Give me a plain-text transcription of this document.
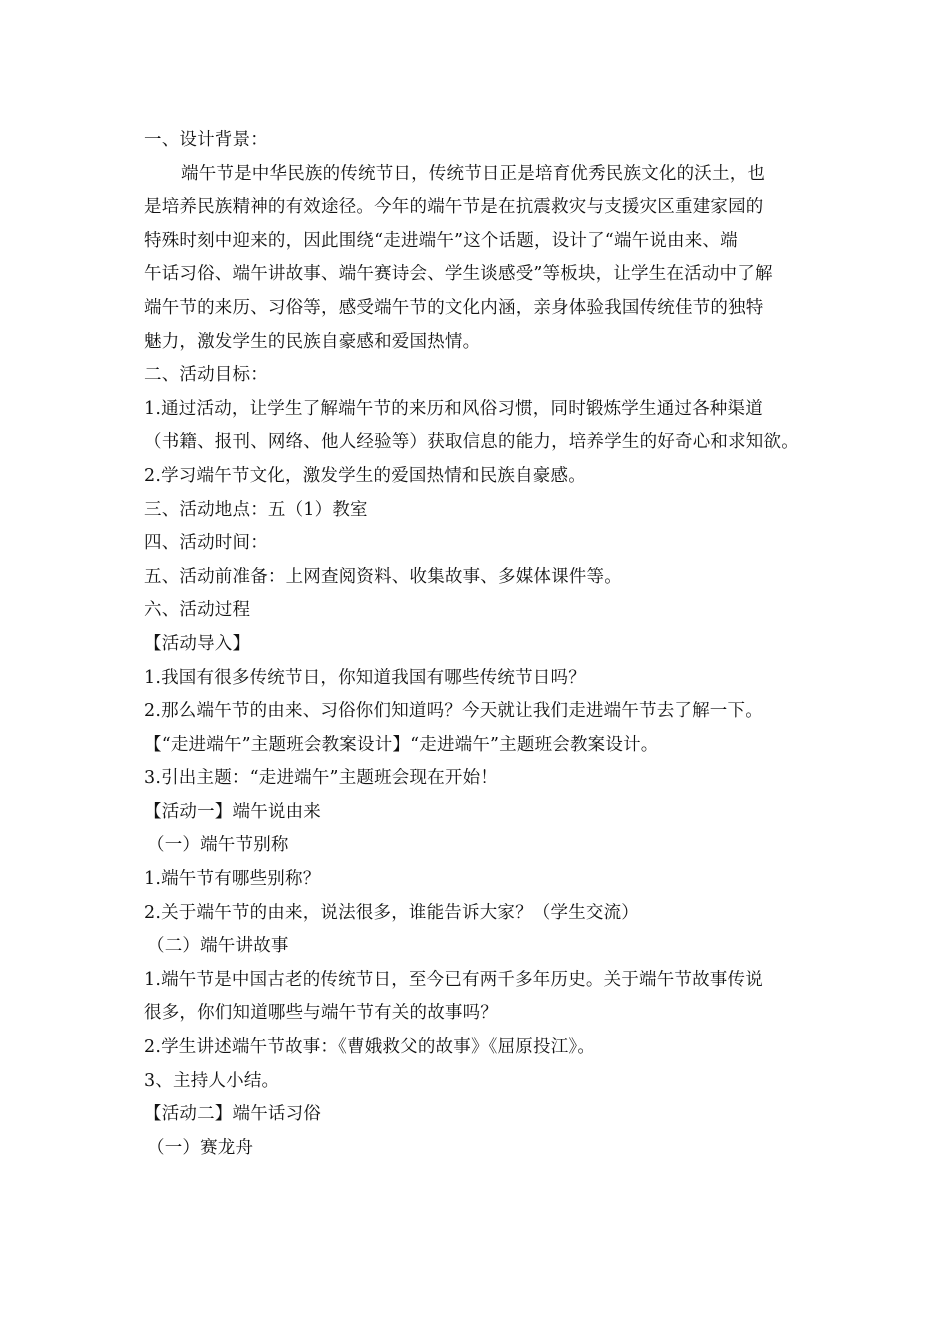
一、设计背景：
端午节是中华民族的传统节日，传统节日正是培育优秀民族文化的沃土，也
是培养民族精神的有效途径。今年的端午节是在抗震救灾与支援灾区重建家园的
特殊时刻中迎来的，因此围绕“走进端午”这个话题，设计了“端午说由来、端
午话习俗、端午讲故事、端午赛诗会、学生谈感受”等板块，让学生在活动中了解
端午节的来历、习俗等，感受端午节的文化内涵，亲身体验我国传统佳节的独特
魅力，激发学生的民族自豪感和爱国热情。
二、活动目标：
1.通过活动，让学生了解端午节的来历和风俗习惯，同时锻炼学生通过各种渠道
（书籍、报刊、网络、他人经验等）获取信息的能力，培养学生的好奇心和求知欲。
2.学习端午节文化，激发学生的爱国热情和民族自豪感。
三、活动地点：五（1）教室
四、活动时间：
五、活动前准备：上网查阅资料、收集故事、多媒体课件等。
六、活动过程
【活动导入】
1.我国有很多传统节日，你知道我国有哪些传统节日吗？
2.那么端午节的由来、习俗你们知道吗？今天就让我们走进端午节去了解一下。
【“走进端午”主题班会教案设计】“走进端午”主题班会教案设计。
3.引出主题：“走进端午”主题班会现在开始！
【活动一】端午说由来
（一）端午节别称
1.端午节有哪些别称？
2.关于端午节的由来，说法很多，谁能告诉大家？（学生交流）
（二）端午讲故事
1.端午节是中国古老的传统节日，至今已有两千多年历史。关于端午节故事传说
很多，你们知道哪些与端午节有关的故事吗？
2.学生讲述端午节故事：《曹娥救父的故事》《屈原投江》。
3、主持人小结。
【活动二】端午话习俗
（一）赛龙舟
